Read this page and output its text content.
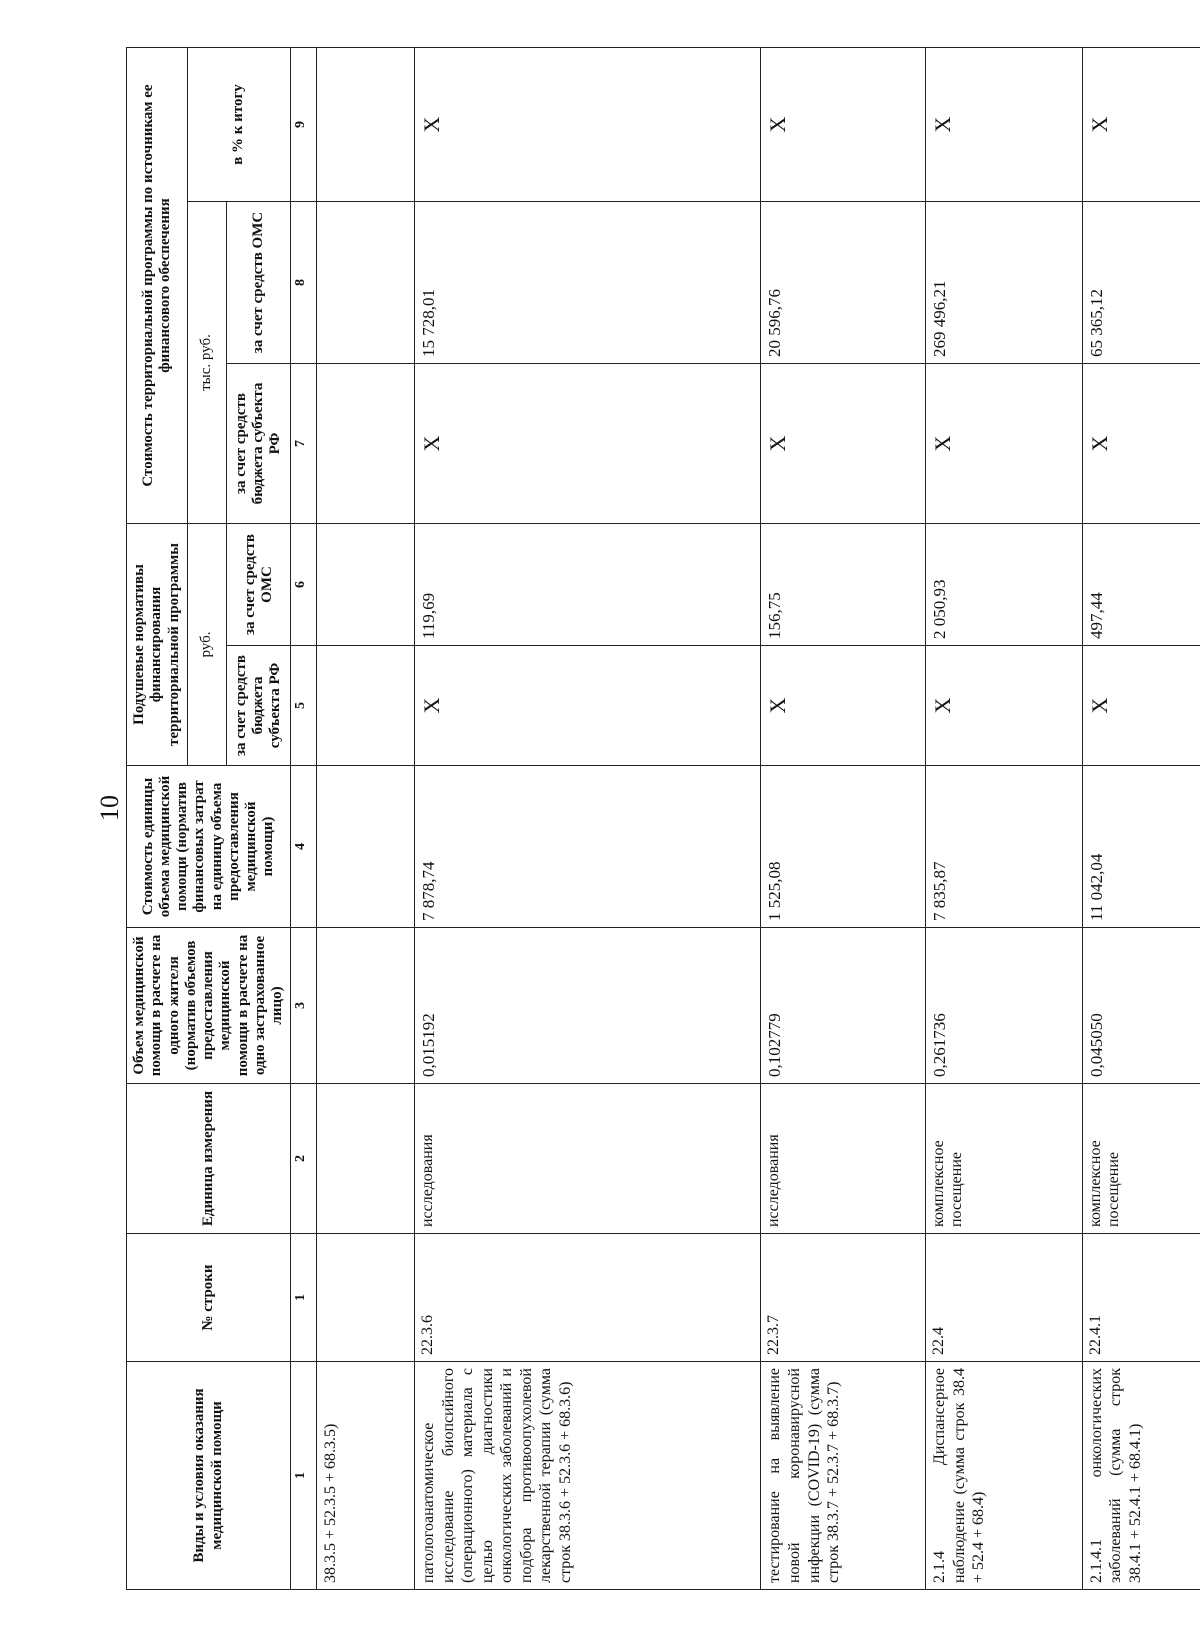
10
Виды и условия оказания медицинской помощи	№ строки	Единица измерения	Объем медицинской помощи в расчете на одного жителя (норматив объемов предоставления медицинской помощи в расчете на одно застрахованное лицо)	Стоимость единицы объема медицинской помощи (норматив финансовых затрат на единицу объема предоставления медицинской помощи)	Подушевые нормативы финансирования территориальной программы		Стоимость территориальной программы по источникам ее финансового обеспечения		
					руб.		тыс. руб.		в % к итогу
					за счет средств бюджета субъекта РФ	за счет средств ОМС	за счет средств бюджета субъекта РФ	за счет средств ОМС	
1	1	2	3	4	5	6	7	8	9
38.3.5 + 52.3.5 + 68.3.5)									
патологоанатомическое исследование биопсийного (операционного) материала с целью диагностики онкологических заболеваний и подбора противоопухолевой лекарственной терапии (сумма строк 38.3.6 + 52.3.6 + 68.3.6)	22.3.6	исследования	0,015192	7 878,74	X	119,69	X	15 728,01	X
тестирование на выявление новой коронавирусной инфекции (COVID-19) (сумма строк 38.3.7 + 52.3.7 + 68.3.7)	22.3.7	исследования	0,102779	1 525,08	X	156,75	X	20 596,76	X
2.1.4 Диспансерное наблюдение (сумма строк 38.4 + 52.4 + 68.4)	22.4	комплексное посещение	0,261736	7 835,87	X	2 050,93	X	269 496,21	X
2.1.4.1 онкологических заболеваний (сумма строк 38.4.1 + 52.4.1 + 68.4.1)	22.4.1	комплексное посещение	0,045050	11 042,04	X	497,44	X	65 365,12	X
